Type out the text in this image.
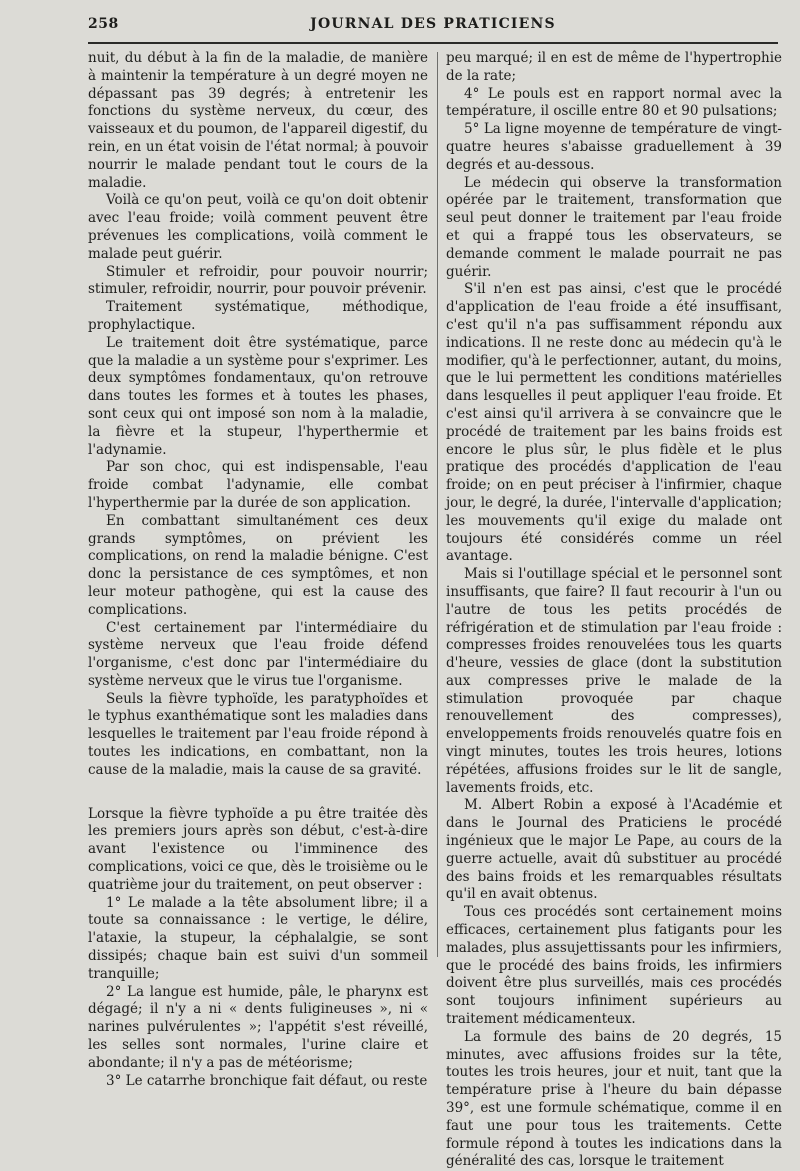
258	JOURNAL DES PRATICIENS

nuit, du début à la fin de la maladie, de manière à maintenir la température à un degré moyen ne dépassant pas 39 degrés; à entretenir les fonctions du système nerveux, du cœur, des vaisseaux et du poumon, de l'appareil digestif, du rein, en un état voisin de l'état normal; à pouvoir nourrir le malade pendant tout le cours de la maladie.

Voilà ce qu'on peut, voilà ce qu'on doit obtenir avec l'eau froide; voilà comment peuvent être prévenues les complications, voilà comment le malade peut guérir.

Stimuler et refroidir, pour pouvoir nourrir; stimuler, refroidir, nourrir, pour pouvoir prévenir.

Traitement systématique, méthodique, prophylactique.

Le traitement doit être systématique, parce que la maladie a un système pour s'exprimer. Les deux symptômes fondamentaux, qu'on retrouve dans toutes les formes et à toutes les phases, sont ceux qui ont imposé son nom à la maladie, la fièvre et la stupeur, l'hyperthermie et l'adynamie.

Par son choc, qui est indispensable, l'eau froide combat l'adynamie, elle combat l'hyperthermie par la durée de son application.

En combattant simultanément ces deux grands symptômes, on prévient les complications, on rend la maladie bénigne. C'est donc la persistance de ces symptômes, et non leur moteur pathogène, qui est la cause des complications.

C'est certainement par l'intermédiaire du système nerveux que l'eau froide défend l'organisme, c'est donc par l'intermédiaire du système nerveux que le virus tue l'organisme.

Seuls la fièvre typhoïde, les paratyphoïdes et le typhus exanthématique sont les maladies dans lesquelles le traitement par l'eau froide répond à toutes les indications, en combattant, non la cause de la maladie, mais la cause de sa gravité.

Lorsque la fièvre typhoïde a pu être traitée dès les premiers jours après son début, c'est-à-dire avant l'existence ou l'imminence des complications, voici ce que, dès le troisième ou le quatrième jour du traitement, on peut observer :

1° Le malade a la tête absolument libre; il a toute sa connaissance : le vertige, le délire, l'ataxie, la stupeur, la céphalalgie, se sont dissipés; chaque bain est suivi d'un sommeil tranquille;

2° La langue est humide, pâle, le pharynx est dégagé; il n'y a ni « dents fuligineuses », ni « narines pulvérulentes »; l'appétit s'est réveillé, les selles sont normales, l'urine claire et abondante; il n'y a pas de météorisme;

3° Le catarrhe bronchique fait défaut, ou reste

peu marqué; il en est de même de l'hypertrophie de la rate;

4° Le pouls est en rapport normal avec la température, il oscille entre 80 et 90 pulsations;

5° La ligne moyenne de température de vingt-quatre heures s'abaisse graduellement à 39 degrés et au-dessous.

Le médecin qui observe la transformation opérée par le traitement, transformation que seul peut donner le traitement par l'eau froide et qui a frappé tous les observateurs, se demande comment le malade pourrait ne pas guérir.

S'il n'en est pas ainsi, c'est que le procédé d'application de l'eau froide a été insuffisant, c'est qu'il n'a pas suffisamment répondu aux indications. Il ne reste donc au médecin qu'à le modifier, qu'à le perfectionner, autant, du moins, que le lui permettent les conditions matérielles dans lesquelles il peut appliquer l'eau froide. Et c'est ainsi qu'il arrivera à se convaincre que le procédé de traitement par les bains froids est encore le plus sûr, le plus fidèle et le plus pratique des procédés d'application de l'eau froide; on en peut préciser à l'infirmier, chaque jour, le degré, la durée, l'intervalle d'application; les mouvements qu'il exige du malade ont toujours été considérés comme un réel avantage.

Mais si l'outillage spécial et le personnel sont insuffisants, que faire? Il faut recourir à l'un ou l'autre de tous les petits procédés de réfrigération et de stimulation par l'eau froide : compresses froides renouvelées tous les quarts d'heure, vessies de glace (dont la substitution aux compresses prive le malade de la stimulation provoquée par chaque renouvellement des compresses), enveloppements froids renouvelés quatre fois en vingt minutes, toutes les trois heures, lotions répétées, affusions froides sur le lit de sangle, lavements froids, etc.

M. Albert Robin a exposé à l'Académie et dans le Journal des Praticiens le procédé ingénieux que le major Le Pape, au cours de la guerre actuelle, avait dû substituer au procédé des bains froids et les remarquables résultats qu'il en avait obtenus.

Tous ces procédés sont certainement moins efficaces, certainement plus fatigants pour les malades, plus assujettissants pour les infirmiers, que le procédé des bains froids, les infirmiers doivent être plus surveillés, mais ces procédés sont toujours infiniment supérieurs au traitement médicamenteux.

La formule des bains de 20 degrés, 15 minutes, avec affusions froides sur la tête, toutes les trois heures, jour et nuit, tant que la température prise à l'heure du bain dépasse 39°, est une formule schématique, comme il en faut une pour tous les traitements. Cette formule répond à toutes les indications dans la généralité des cas, lorsque le traitement
